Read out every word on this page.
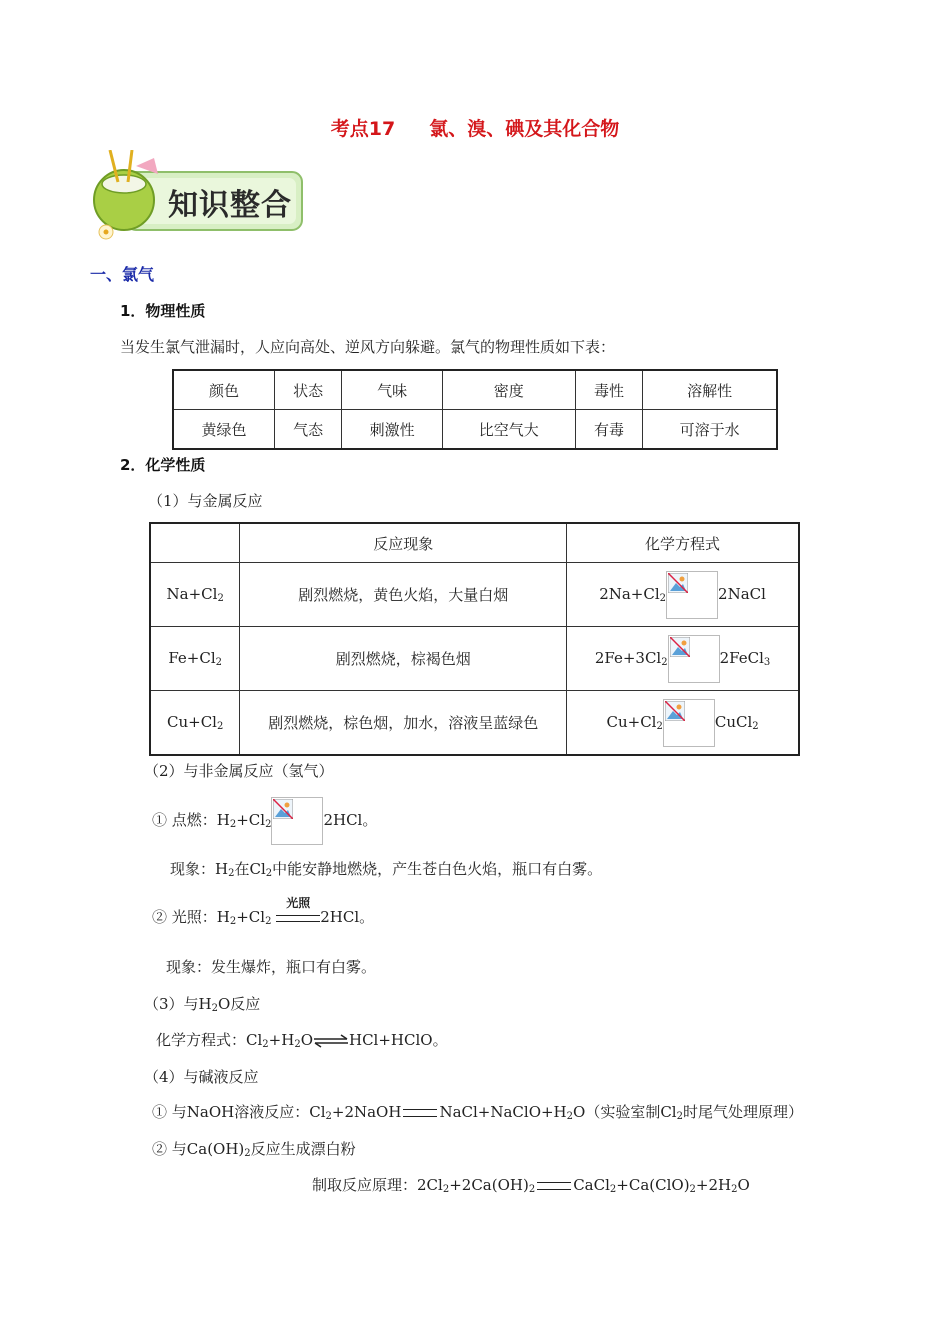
考点17 氯、溴、碘及其化合物
知识整合
一、氯气
1．物理性质
当发生氯气泄漏时，人应向高处、逆风方向躲避。氯气的物理性质如下表：
颜色	状态	气味	密度	毒性	溶解性
黄绿色	气态	刺激性	比空气大	有毒	可溶于水
2．化学性质
（1）与金属反应
	反应现象	化学方程式
$Na+Cl_2$	剧烈燃烧，黄色火焰，大量白烟	$2Na+Cl_2$ 2NaCl
$Fe+Cl_2$	剧烈燃烧，棕褐色烟	$2Fe+3Cl_2$ 2FeCl$_3$
$Cu+Cl_2$	剧烈燃烧，棕色烟，加水，溶液呈蓝绿色	$Cu+Cl_2$ CuCl$_2$
（2）与非金属反应（氢气）
① 点燃：$H_2+Cl_2$	2HCl。
现象：$H_2$在$Cl_2$中能安静地燃烧，产生苍白色火焰，瓶口有白雾。
② 光照：$H_2+Cl_2$
光照
2HCl。
现象：发生爆炸，瓶口有白雾。
（3）与$H_2O$反应
化学方程式：$Cl_2+H_2O\rightleftharpoons HCl+HClO$。
（4）与碱液反应
① 与NaOH溶液反应：$Cl_2+2NaOH$	$NaCl+NaClO+H_2O$（实验室制$Cl_2$时尾气处理原理）
② 与$Ca(OH)_2$反应生成漂白粉
制取反应原理：$2Cl_2+2Ca(OH)_2$	$CaCl_2+Ca(ClO)_2+2H_2O$
